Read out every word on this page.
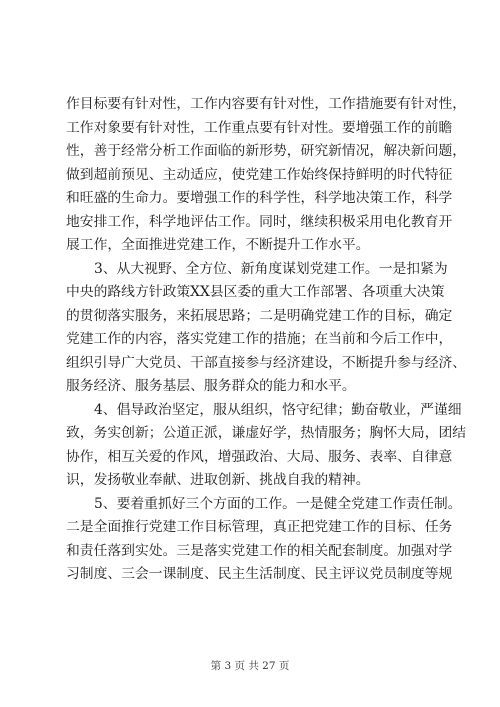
作目标要有针对性，工作内容要有针对性，工作措施要有针对性，
工作对象要有针对性，工作重点要有针对性。要增强工作的前瞻
性，善于经常分析工作面临的新形势，研究新情况，解决新问题，
做到超前预见、主动适应，使党建工作始终保持鲜明的时代特征
和旺盛的生命力。要增强工作的科学性，科学地决策工作，科学
地安排工作，科学地评估工作。同时，继续积极采用电化教育开
展工作，全面推进党建工作，不断提升工作水平。
3、从大视野、全方位、新角度谋划党建工作。一是扣紧为
中央的路线方针政策XX县区委的重大工作部署、各项重大决策
的贯彻落实服务，来拓展思路；二是明确党建工作的目标，确定
党建工作的内容，落实党建工作的措施；在当前和今后工作中，
组织引导广大党员、干部直接参与经济建设，不断提升参与经济、
服务经济、服务基层、服务群众的能力和水平。
4、倡导政治坚定，服从组织，恪守纪律；勤奋敬业，严谨细
致，务实创新；公道正派，谦虚好学，热情服务；胸怀大局，团结
协作，相互关爱的作风，增强政治、大局、服务、表率、自律意
识，发扬敬业奉献、进取创新、挑战自我的精神。
5、要着重抓好三个方面的工作。一是健全党建工作责任制。
二是全面推行党建工作目标管理，真正把党建工作的目标、任务
和责任落到实处。三是落实党建工作的相关配套制度。加强对学
习制度、三会一课制度、民主生活制度、民主评议党员制度等规
第 3 页 共 27 页
